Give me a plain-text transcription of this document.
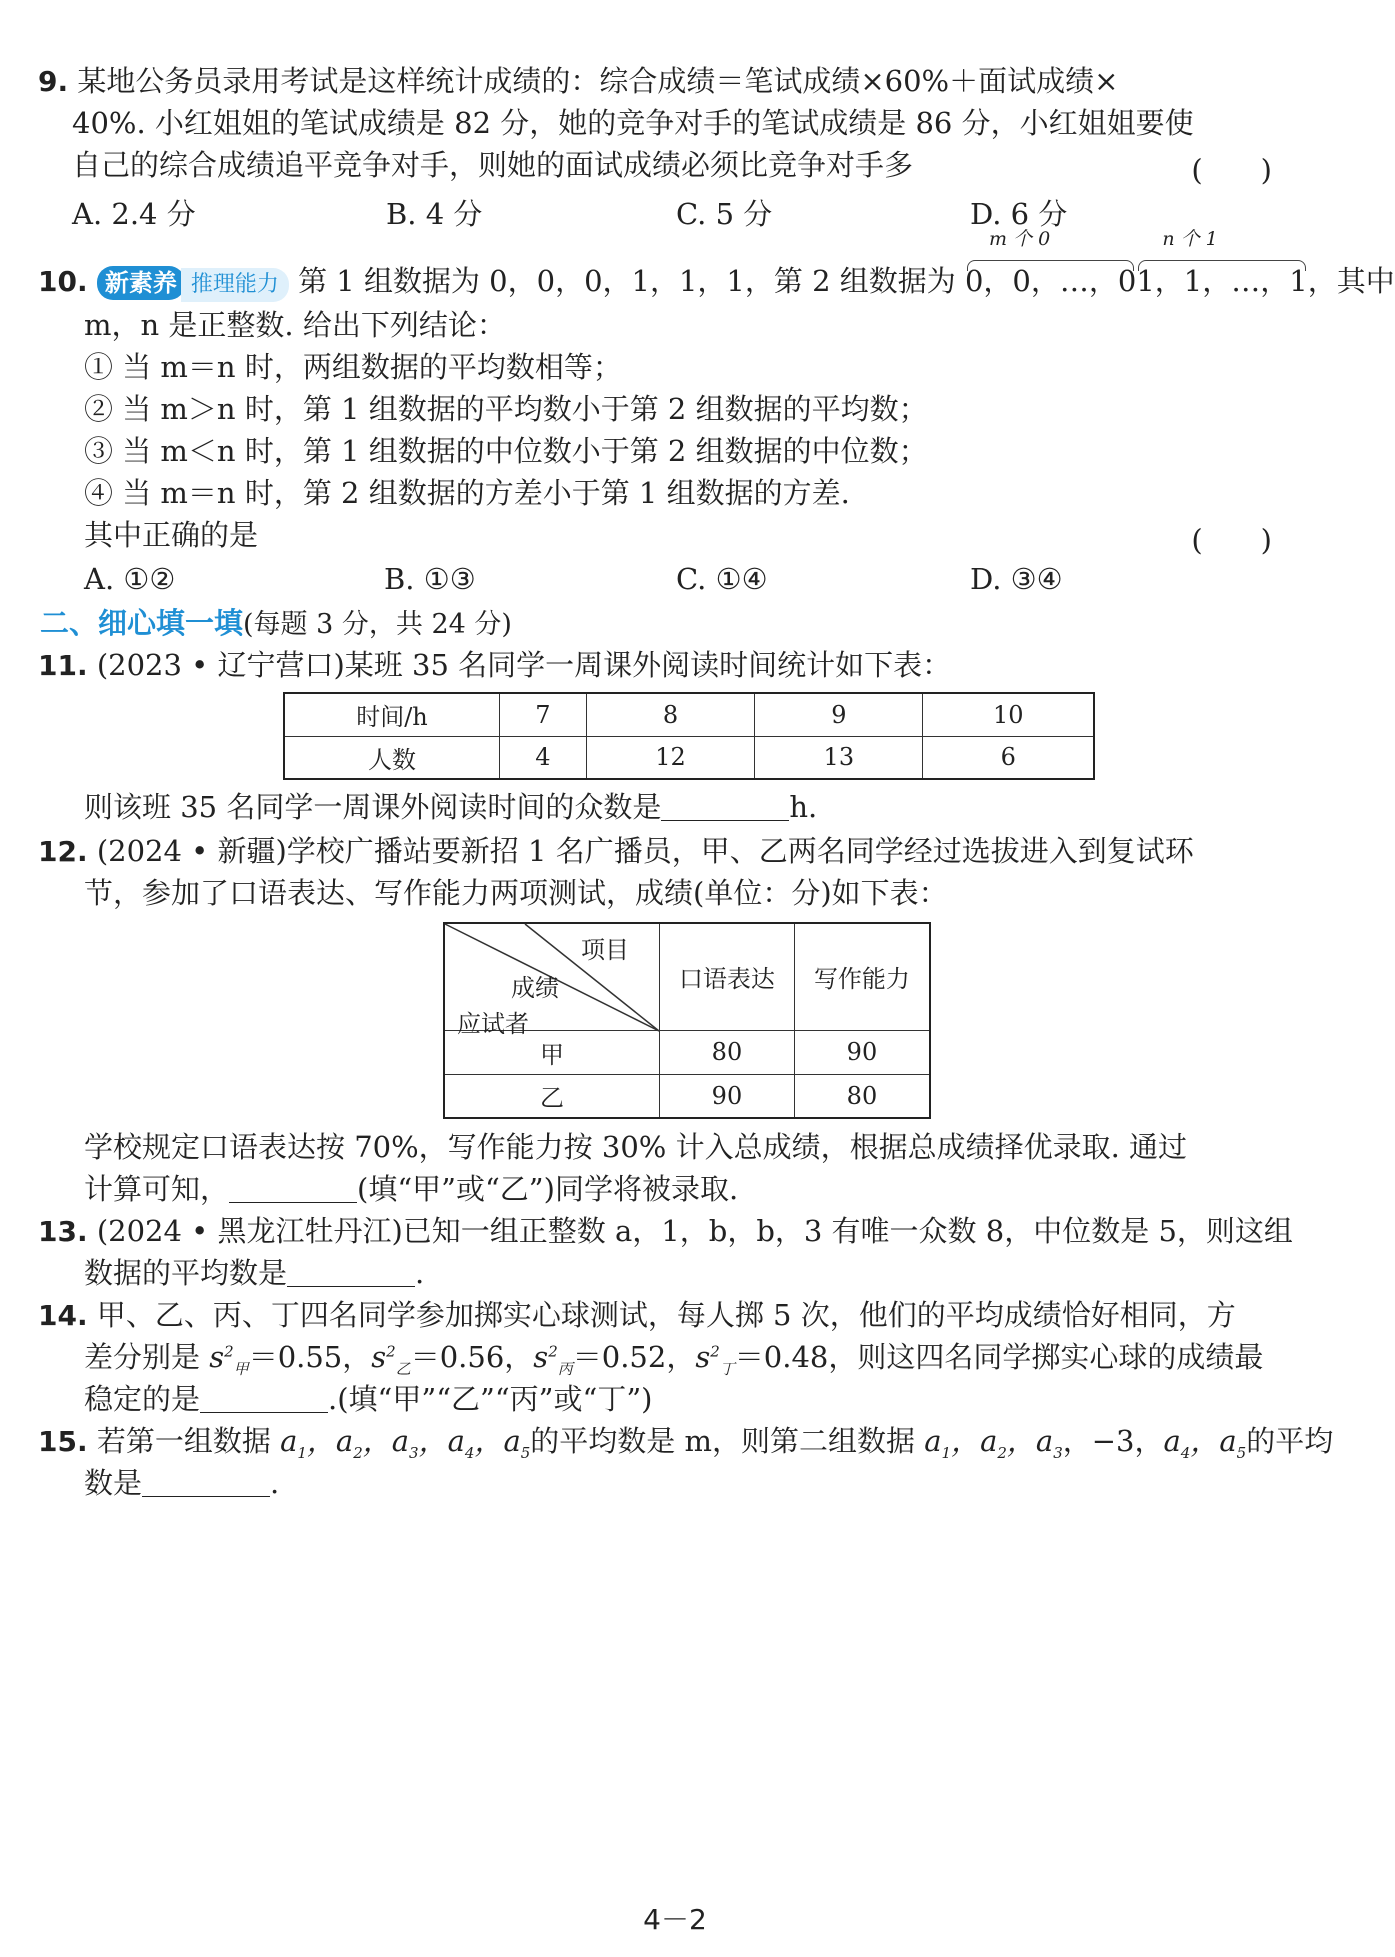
9. 某地公务员录用考试是这样统计成绩的：综合成绩＝笔试成绩×60%＋面试成绩×
40%. 小红姐姐的笔试成绩是 82 分，她的竞争对手的笔试成绩是 86 分，小红姐姐要使
自己的综合成绩追平竞争对手，则她的面试成绩必须比竞争对手多	(　　)
A. 2.4 分	B. 4 分	C. 5 分	D. 6 分
10. 新素养 推理能力 第 1 组数据为 0，0，0，1，1，1，第 2 组数据为
m 个 0
0，0，…，0
n 个 1
1，1，…，1，其中
m，n 是正整数. 给出下列结论：
① 当 m＝n 时，两组数据的平均数相等；
② 当 m＞n 时，第 1 组数据的平均数小于第 2 组数据的平均数；
③ 当 m＜n 时，第 1 组数据的中位数小于第 2 组数据的中位数；
④ 当 m＝n 时，第 2 组数据的方差小于第 1 组数据的方差.
其中正确的是	(　　)
A. ①②	B. ①③	C. ①④	D. ③④
二、细心填一填(每题 3 分，共 24 分)
11. (2023 • 辽宁营口)某班 35 名同学一周课外阅读时间统计如下表：
时间/h	7	8	9	10
人数	4	12	13	6
则该班 35 名同学一周课外阅读时间的众数是	h.
12. (2024 • 新疆)学校广播站要新招 1 名广播员，甲、乙两名同学经过选拔进入到复试环
节，参加了口语表达、写作能力两项测试，成绩(单位：分)如下表：
项目
成绩
应试者	口语表达	写作能力
甲	80	90
乙	90	80
学校规定口语表达按 70%，写作能力按 30% 计入总成绩，根据总成绩择优录取. 通过
计算可知，	(填“甲”或“乙”)同学将被录取.
13. (2024 • 黑龙江牡丹江)已知一组正整数 a，1，b，b，3 有唯一众数 8，中位数是 5，则这组
数据的平均数是	.
14. 甲、乙、丙、丁四名同学参加掷实心球测试，每人掷 5 次，他们的平均成绩恰好相同，方
差分别是 $s^2_甲=0.55$，$s^2_乙=0.56$，$s^2_丙=0.52$，$s^2_丁=0.48$，则这四名同学掷实心球的成绩最
稳定的是	.(填“甲”“乙”“丙”或“丁”)
15. 若第一组数据 $a_1$，$a_2$，$a_3$，$a_4$，$a_5$的平均数是 m，则第二组数据 $a_1$，$a_2$，$a_3$，−3，$a_4$，$a_5$的平均
数是	.
4－2
